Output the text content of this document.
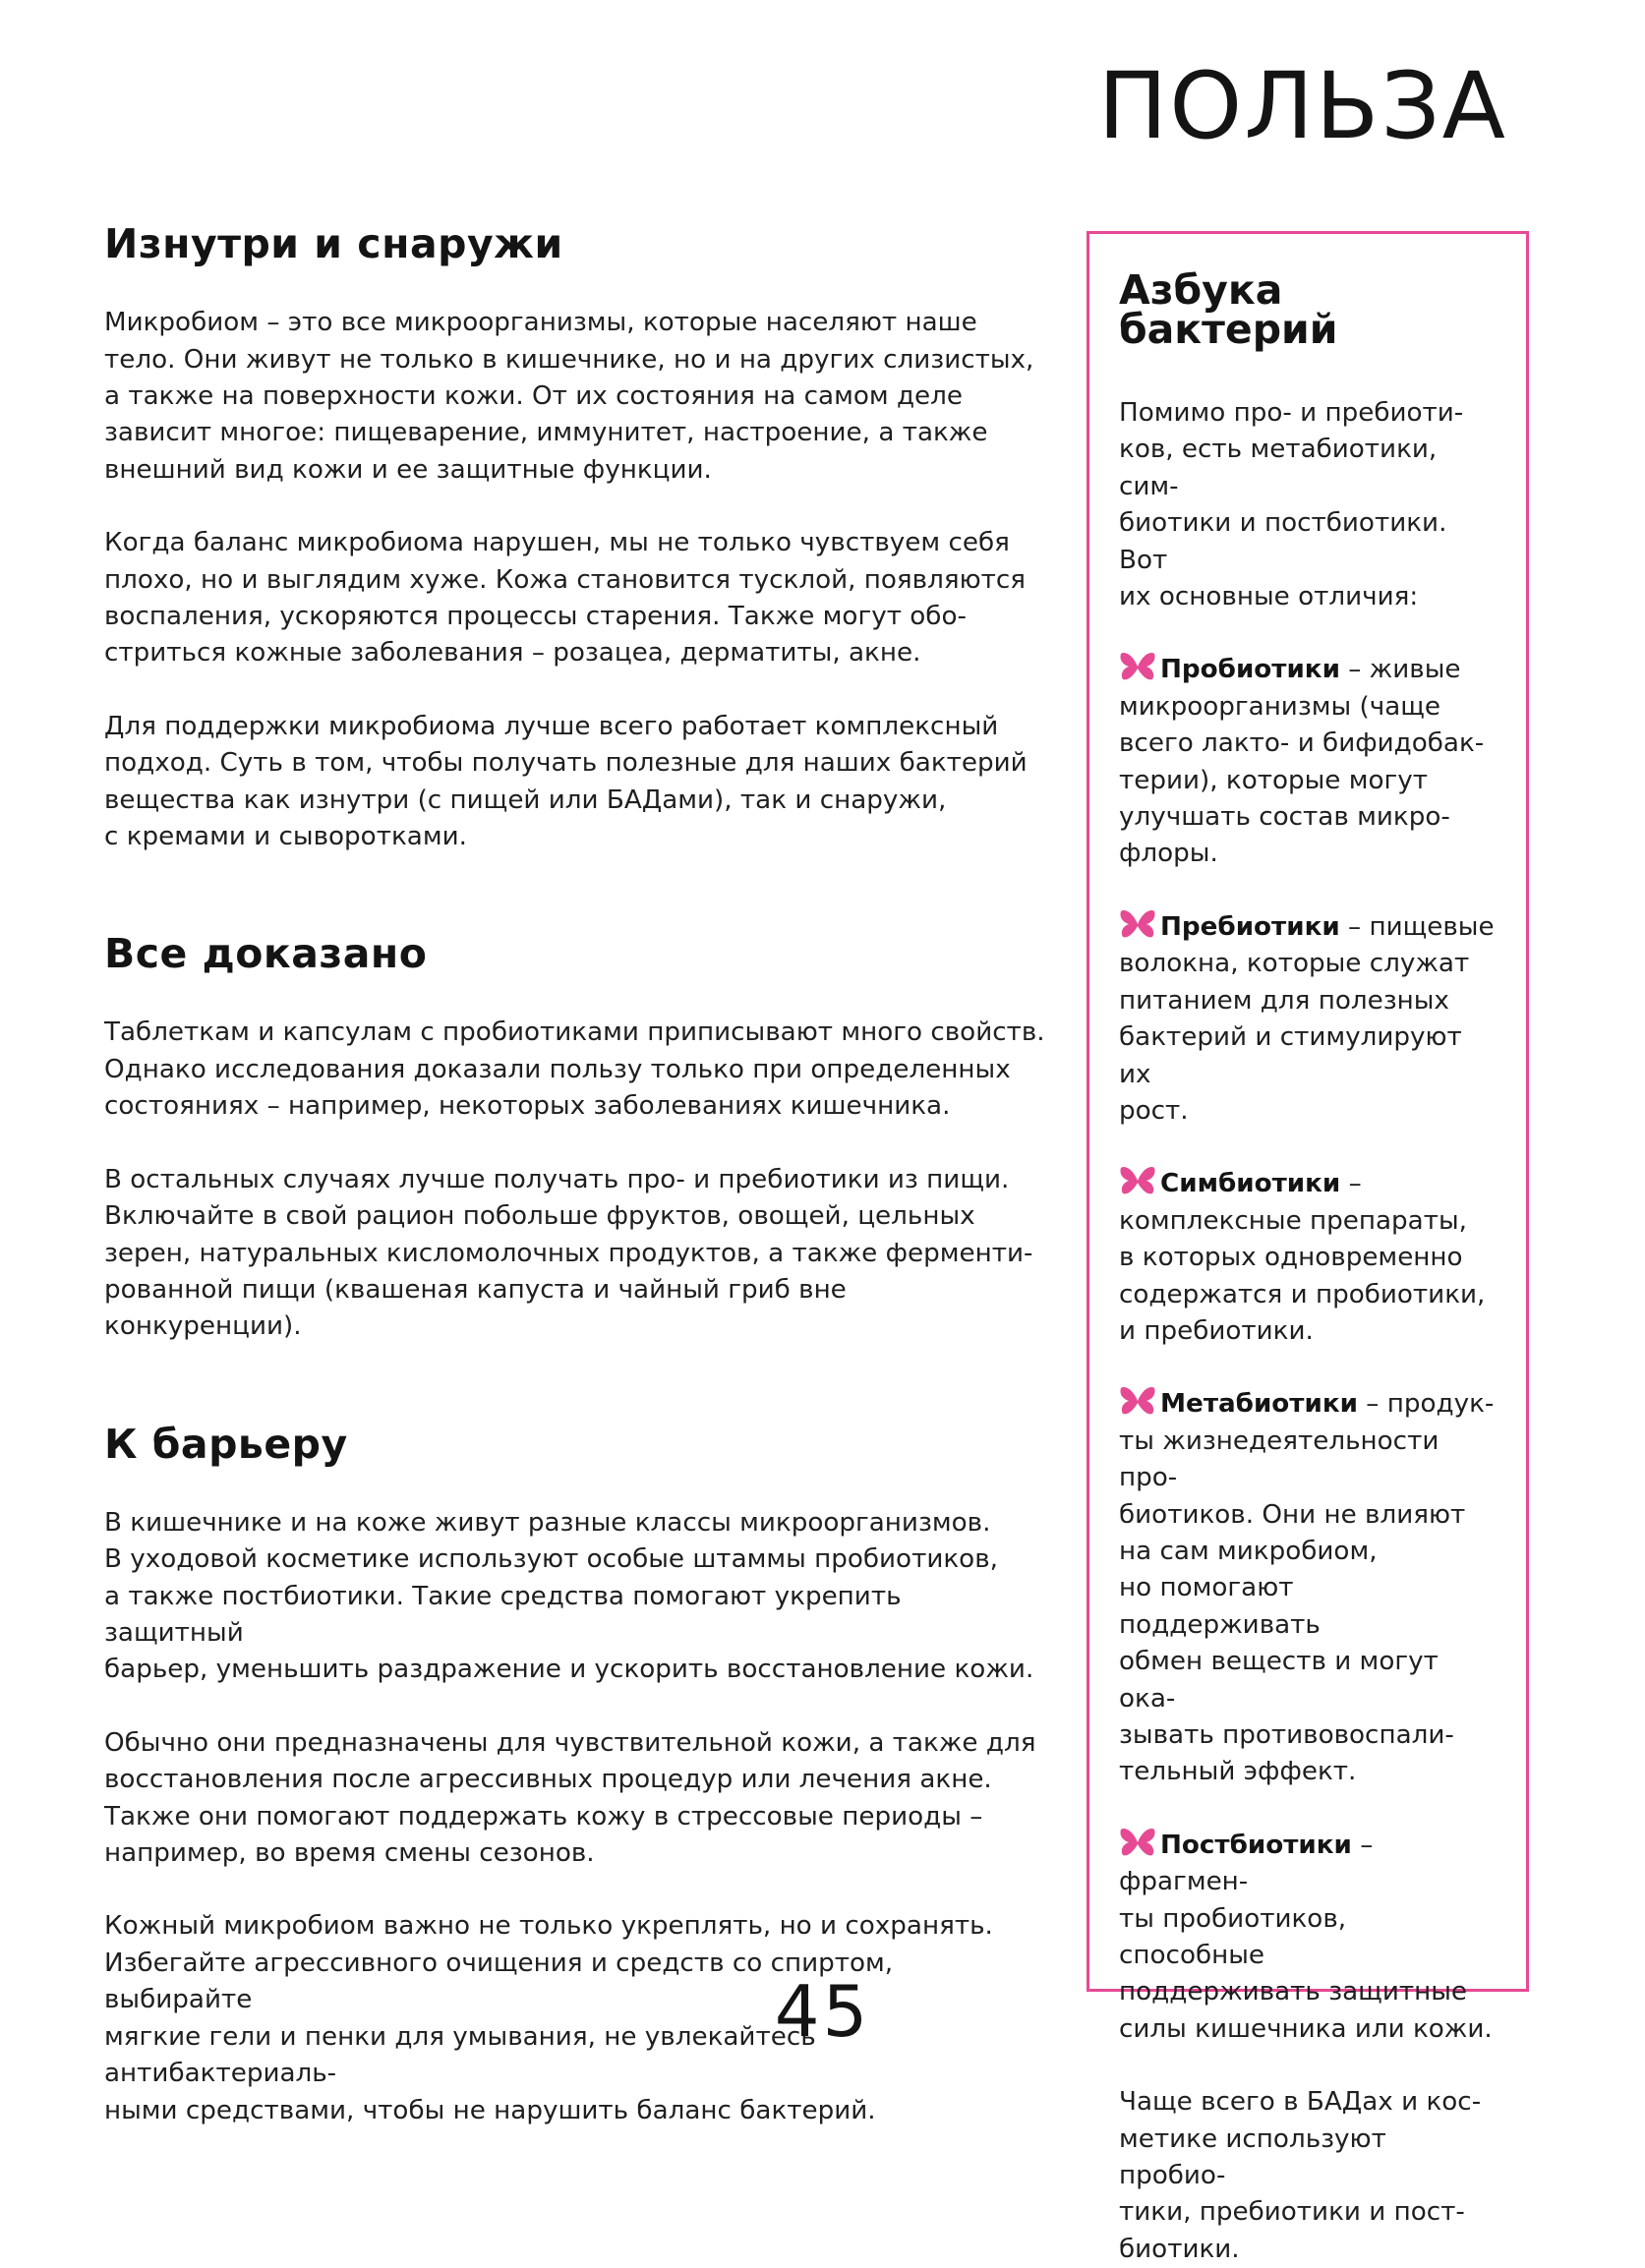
ПОЛЬЗА
Изнутри и снаружи

Микробиом – это все микроорганизмы, которые населяют наше
тело. Они живут не только в кишечнике, но и на других слизистых,
а также на поверхности кожи. От их состояния на самом деле
зависит многое: пищеварение, иммунитет, настроение, а также
внешний вид кожи и ее защитные функции.

Когда баланс микробиома нарушен, мы не только чувствуем себя
плохо, но и выглядим хуже. Кожа становится тусклой, появляются
воспаления, ускоряются процессы старения. Также могут обо-
стриться кожные заболевания – розацеа, дерматиты, акне.

Для поддержки микробиома лучше всего работает комплексный
подход. Суть в том, чтобы получать полезные для наших бактерий
вещества как изнутри (с пищей или БАДами), так и снаружи,
с кремами и сыворотками.

Все доказано

Таблеткам и капсулам с пробиотиками приписывают много свойств.
Однако исследования доказали пользу только при определенных
состояниях – например, некоторых заболеваниях кишечника.

В остальных случаях лучше получать про- и пребиотики из пищи.
Включайте в свой рацион побольше фруктов, овощей, цельных
зерен, натуральных кисломолочных продуктов, а также ферменти-
рованной пищи (квашеная капуста и чайный гриб вне конкуренции).

К барьеру

В кишечнике и на коже живут разные классы микроорганизмов.
В уходовой косметике используют особые штаммы пробиотиков,
а также постбиотики. Такие средства помогают укрепить защитный
барьер, уменьшить раздражение и ускорить восстановление кожи.

Обычно они предназначены для чувствительной кожи, а также для
восстановления после агрессивных процедур или лечения акне.
Также они помогают поддержать кожу в стрессовые периоды –
например, во время смены сезонов.

Кожный микробиом важно не только укреплять, но и сохранять.
Избегайте агрессивного очищения и средств со спиртом, выбирайте
мягкие гели и пенки для умывания, не увлекайтесь антибактериаль-
ными средствами, чтобы не нарушить баланс бактерий.

Азбука
бактерий

Помимо про- и пребиоти-
ков, есть метабиотики, сим-
биотики и постбиотики. Вот
их основные отличия:

Пробиотики – живые
микроорганизмы (чаще
всего лакто- и бифидобак-
терии), которые могут
улучшать состав микро-
флоры.

Пребиотики – пищевые
волокна, которые служат
питанием для полезных
бактерий и стимулируют их
рост.

Симбиотики –
комплексные препараты,
в которых одновременно
содержатся и пробиотики,
и пребиотики.

Метабиотики – продук-
ты жизнедеятельности про-
биотиков. Они не влияют
на сам микробиом,
но помогают поддерживать
обмен веществ и могут ока-
зывать противовоспали-
тельный эффект.

Постбиотики – фрагмен-
ты пробиотиков, способные
поддерживать защитные
силы кишечника или кожи.

Чаще всего в БАДах и кос-
метике используют пробио-
тики, пребиотики и пост-
биотики.

45
